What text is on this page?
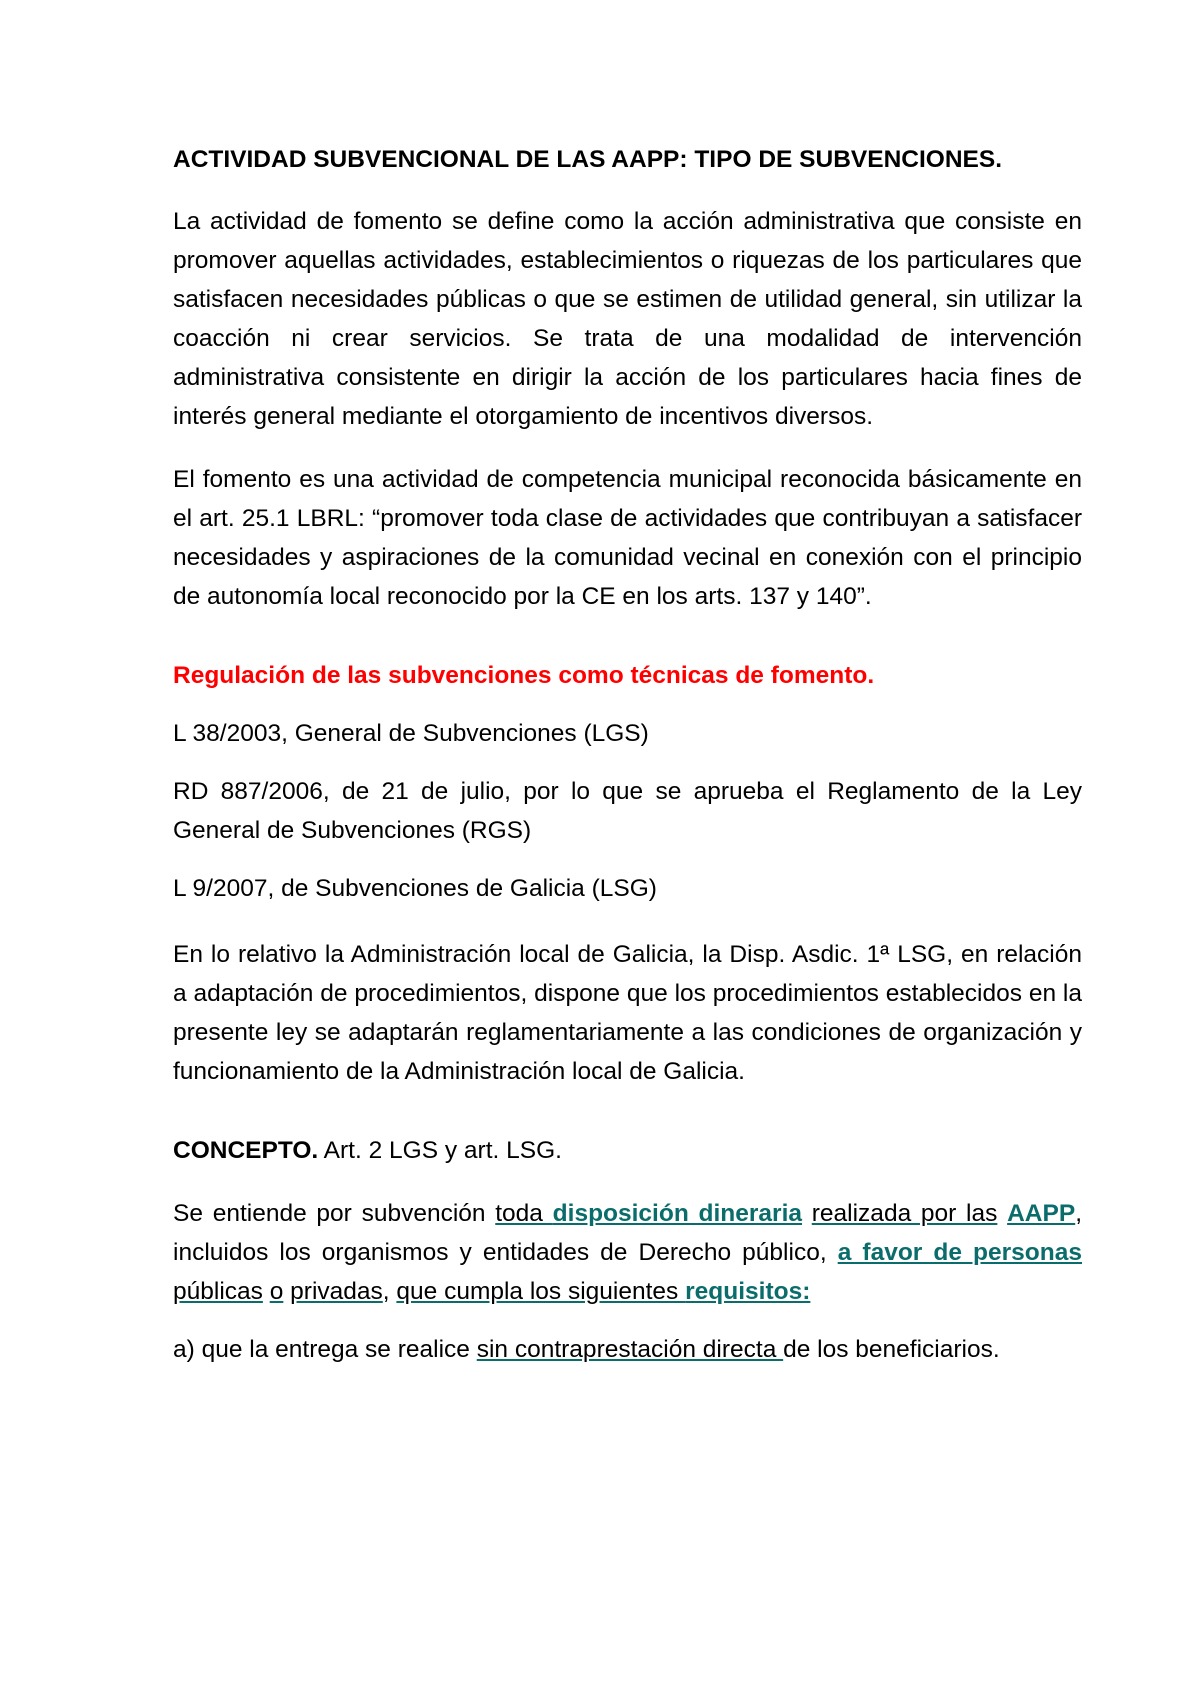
ACTIVIDAD SUBVENCIONAL DE LAS AAPP: TIPO DE SUBVENCIONES.

La actividad de fomento se define como la acción administrativa que consiste en promover aquellas actividades, establecimientos o riquezas de los particulares que satisfacen necesidades públicas o que se estimen de utilidad general, sin utilizar la coacción ni crear servicios. Se trata de una modalidad de intervención administrativa consistente en dirigir la acción de los particulares hacia fines de interés general mediante el otorgamiento de incentivos diversos.

El fomento es una actividad de competencia municipal reconocida básicamente en el art. 25.1 LBRL: “promover toda clase de actividades que contribuyan a satisfacer necesidades y aspiraciones de la comunidad vecinal en conexión con el principio de autonomía local reconocido por la CE en los arts. 137 y 140”.

Regulación de las subvenciones como técnicas de fomento.

L 38/2003, General de Subvenciones (LGS)

RD 887/2006, de 21 de julio, por lo que se aprueba el Reglamento de la Ley General de Subvenciones (RGS)

L 9/2007, de Subvenciones de Galicia (LSG)

En lo relativo la Administración local de Galicia, la Disp. Asdic. 1ª LSG, en relación a adaptación de procedimientos, dispone que los procedimientos establecidos en la presente ley se adaptarán reglamentariamente a las condiciones de organización y funcionamiento de la Administración local de Galicia.

CONCEPTO. Art. 2 LGS y art. LSG.

Se entiende por subvención toda disposición dineraria realizada por las AAPP, incluidos los organismos y entidades de Derecho público, a favor de personas públicas o privadas, que cumpla los siguientes requisitos:

a) que la entrega se realice sin contraprestación directa de los beneficiarios.
